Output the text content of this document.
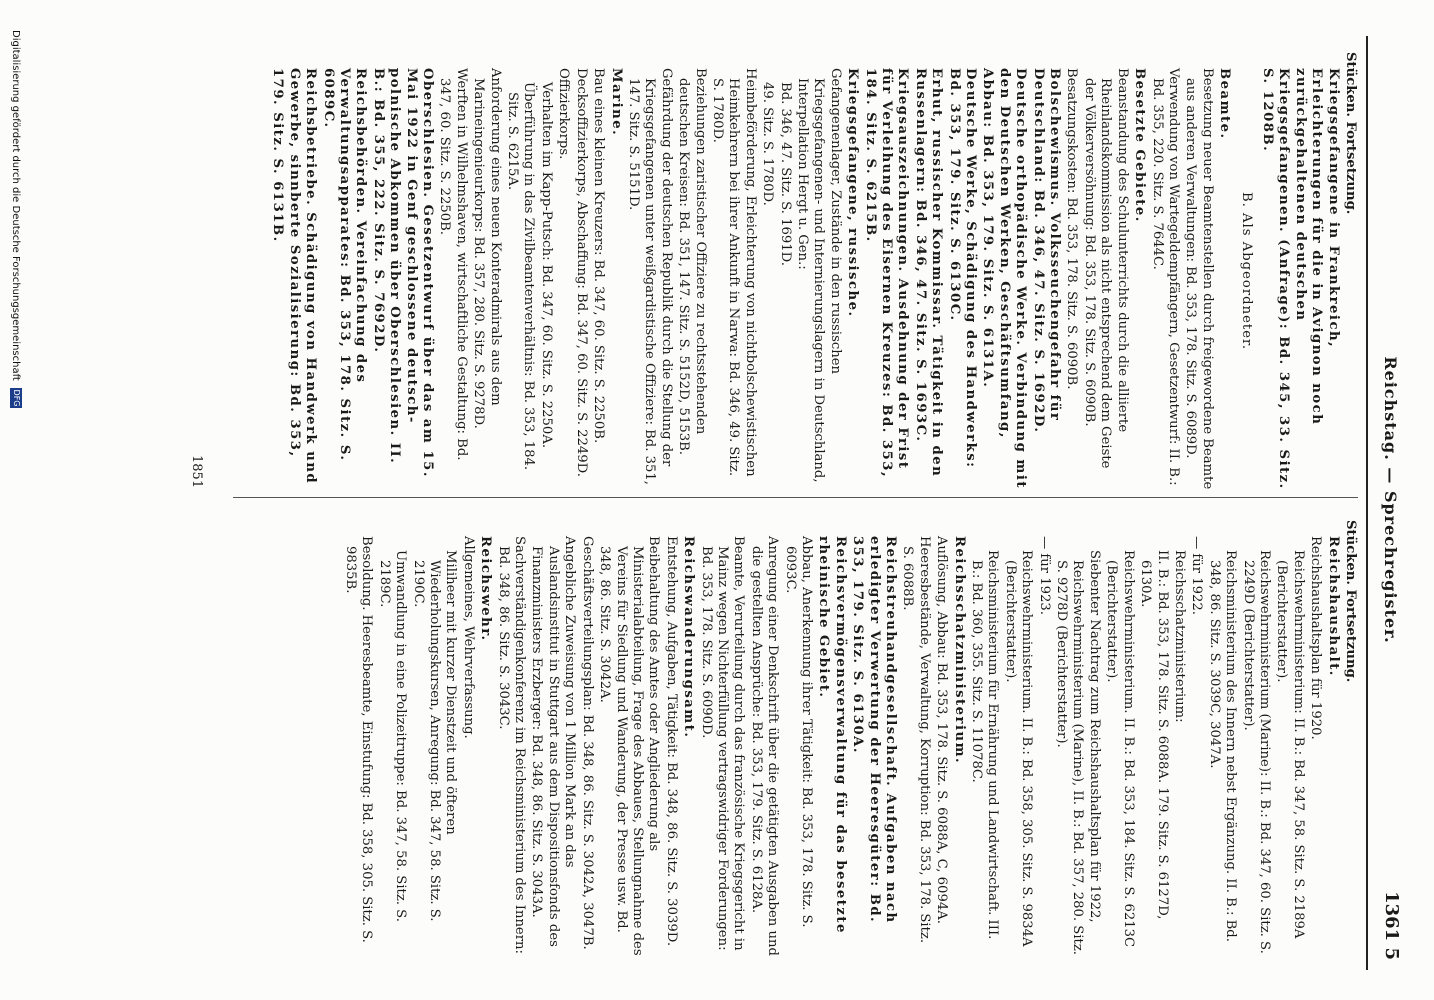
Reichstag. — Sprechregister.
1361 5
Stücken. Fortsetzung.
Kriegsgefangene in Frankreich, Erleichterungen für die in Avignon noch zurückgehaltenen deutschen Kriegsgefangenen. (Anfrage): Bd. 345, 33. Sitz. S. 1208B.
B. Als Abgeordneter.
Beamte.
Besetzung neuer Beamtenstellen durch freigewordene Beamte aus anderen Verwaltungen: Bd. 353, 178. Sitz. S. 6089D.
Verwendung von Wartegeldempfängern, Gesetzentwurf: II. B.: Bd. 355, 220. Sitz. S. 7644C.
Besetzte Gebiete.
Beanstandung des Schulunterrichts durch die alliierte Rheinlandskommission als nicht entsprechend dem Geiste der Völkerversöhnung: Bd. 353, 178. Sitz. S. 6090B.
Besatzungskosten: Bd. 353, 178. Sitz. S. 6090B.
Bolschewismus. Volksseuchengefahr für Deutschland: Bd. 346, 47. Sitz. S. 1692D.
Deutsche orthopädische Werke. Verbindung mit den Deutschen Werken, Geschäftsumfang, Abbau: Bd. 353, 179. Sitz. S. 6131A.
Deutsche Werke, Schädigung des Handwerks: Bd. 353, 179. Sitz. S. 6130C.
Erhut, russischer Kommissar. Tätigkeit in den Russenlagern: Bd. 346, 47. Sitz. S. 1693C.
Kriegsauszeichnungen. Ausdehnung der Frist für Verleihung des Eisernen Kreuzes: Bd. 353, 184. Sitz. S. 6215B.
Kriegsgefangene, russische.
Gefangenenlager, Zustände in den russischen Kriegsgefangenen- und Internierungslagern in Deutschland, Interpellation Hergt u. Gen.:
Bd. 346, 47. Sitz. S. 1691D.
49. Sitz. S. 1780D.
Heimbeförderung, Erleichterung von nichtbolschewistischen Heimkehrern bei ihrer Ankunft in Narwa: Bd. 346, 49. Sitz. S. 1780D.
Beziehungen zaristischer Offiziere zu rechtsstehenden deutschen Kreisen: Bd. 351, 147. Sitz. S. 5152D, 5153B.
Gefährdung der deutschen Republik durch die Stellung der Kriegsgefangenen unter weißgardistische Offiziere: Bd. 351, 147. Sitz. S. 5151D.
Marine.
Bau eines kleinen Kreuzers: Bd. 347, 60. Sitz. S. 2250B.
Decksoffizierkorps, Abschaffung: Bd. 347, 60. Sitz. S. 2249D.
Offizierkorps.
Verhalten im Kapp-Putsch: Bd. 347, 60. Sitz. S. 2250A.
Überführung in das Zivilbeamtenverhältnis: Bd. 353, 184. Sitz. S. 6215A.
Anforderung eines neuen Konteradmirals aus dem Marineingenieurkorps: Bd. 357, 280. Sitz. S. 9278D.
Werften in Wilhelmshaven, wirtschaftliche Gestaltung: Bd. 347, 60. Sitz. S. 2250B.
Oberschlesien. Gesetzentwurf über das am 15. Mai 1922 in Genf geschlossene deutsch-polnische Abkommen über Oberschlesien. II. B.: Bd. 355, 222. Sitz. S. 7692D.
Reichsbehörden. Vereinfachung des Verwaltungsapparates: Bd. 353, 178. Sitz. S. 6089C.
Reichsbetriebe. Schädigung von Handwerk und Gewerbe, sinnberte Sozialisierung: Bd. 353, 179. Sitz. S. 6131B.
Stücken. Fortsetzung.
Reichshaushalt.
Reichshaushaltsplan für 1920.
Reichswehrministerium: II. B.: Bd. 347, 58. Sitz. S. 2189A (Berichterstatter).
Reichswehrministerium (Marine): II. B.: Bd. 347, 60. Sitz. S. 2249D (Berichterstatter).
Reichsministerium des Innern nebst Ergänzung. II. B.: Bd. 348, 86. Sitz. S. 3039C, 3047A.
— für 1922.
Reichsschatzministerium:
II. B.: Bd. 353, 178. Sitz. S. 6088A. 179. Sitz. S. 6127D, 6130A.
Reichswehrministerium. II. B.: Bd. 353, 184. Sitz. S. 6213C (Berichterstatter).
Siebenter Nachtrag zum Reichshaushaltsplan für 1922, Reichswehrministerium (Marine), II. B.: Bd. 357, 280. Sitz. S. 9278D (Berichterstatter).
— für 1923.
Reichswehrministerium. II. B.: Bd. 358, 305. Sitz. S. 9834A (Berichterstatter).
Reichsministerium für Ernährung und Landwirtschaft. III. B.: Bd. 360, 355. Sitz. S. 11078C.
Reichsschatzministerium.
Auflösung, Abbau: Bd. 353, 178. Sitz. S. 6088A, C, 6094A.
Heeresbestände, Verwaltung, Korruption: Bd. 353, 178. Sitz. S. 6088B.
Reichstreuhandgesellschaft. Aufgaben nach erledigter Verwertung der Heeresgüter: Bd. 353, 179. Sitz. S. 6130A.
Reichsvermögensverwaltung für das besetzte rheinische Gebiet.
Abbau, Anerkennung ihrer Tätigkeit: Bd. 353, 178. Sitz. S. 6093C.
Anregung einer Denkschrift über die getätigten Ausgaben und die gestellten Ansprüche: Bd. 353, 179. Sitz. S. 6128A.
Beamte, Verurteilung durch das französische Kriegsgericht in Mainz wegen Nichterfüllung vertragswidriger Forderungen: Bd. 353, 178. Sitz. S. 6090D.
Reichswanderungsamt.
Entstehung, Aufgaben, Tätigkeit: Bd. 348, 86. Sitz. S. 3039D.
Beibehaltung des Amtes oder Angliederung als Ministerialabteilung, Frage des Abbaues, Stellungnahme des Vereins für Siedlung und Wanderung, der Presse usw. Bd. 348, 86. Sitz. S. 3042A.
Geschäftsverteilungsplan: Bd. 348, 86. Sitz. S. 3042A, 3047B.
Angebliche Zuweisung von 1 Million Mark an das Auslandsinstitut in Stuttgart aus dem Dispositionsfonds des Finanzministers Erzberger: Bd. 348, 86. Sitz. S. 3043A.
Sachverständigenkonferenz im Reichsministerium des Innern: Bd. 348, 86. Sitz. S. 3043C.
Reichswehr.
Allgemeines, Wehrverfassung.
Miliheer mit kurzer Dienstzeit und öfteren Wiederholungskursen, Anregung: Bd. 347, 58. Sitz. S. 2190C.
Umwandlung in eine Polizeitruppe: Bd. 347, 58. Sitz. S. 2189C.
Besoldung. Heeresbeamte, Einstufung: Bd. 358, 305. Sitz. S. 9835B.
1851
Digitalisierung gefördert durch die Deutsche Forschungsgemeinschaft DFG
